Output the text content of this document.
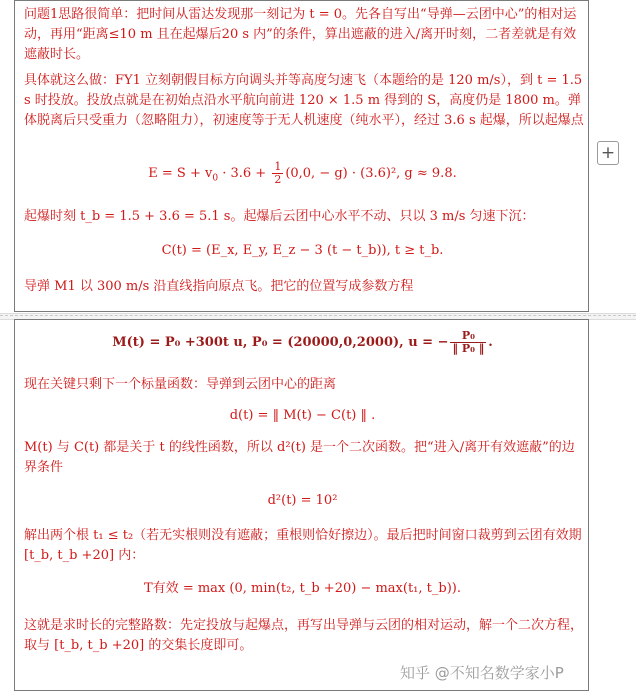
问题1思路很简单：把时间从雷达发现那一刻记为 t = 0。先各自写出“导弹—云团中心”的相对运动，再用“距离≤10 m 且在起爆后20 s 内”的条件，算出遮蔽的进入/离开时刻，二者差就是有效遮蔽时长。

具体就这么做：FY1 立刻朝假目标方向调头并等高度匀速飞（本题给的是 120 m/s），到 t = 1.5 s 时投放。投放点就是在初始点沿水平航向前进 120 × 1.5 m 得到的 S，高度仍是 1800 m。弹体脱离后只受重力（忽略阻力），初速度等于无人机速度（纯水平），经过 3.6 s 起爆，所以起爆点

$E = S + v_0 \cdot 3.6 + \frac{1}{2} (0,0$, − g) · (3.6)², g ≈ 9.8.

起爆时刻 t_b = 1.5 + 3.6 = 5.1 s。起爆后云团中心水平不动、只以 3 m/s 匀速下沉：

C(t) = (E_x, E_y, E_z − 3 (t − t_b)), t ≥ t_b.

导弹 M1 以 300 m/s 沿直线指向原点飞。把它的位置写成参数方程

M(t) = P₀ +300t u, P₀ = (20000,0,2000), u = − $\frac{\text{P₀}}{\text{‖ P₀ ‖}}$ .

现在关键只剩下一个标量函数：导弹到云团中心的距离

d(t) = ‖ M(t) − C(t) ‖ .

M(t) 与 C(t) 都是关于 t 的线性函数，所以 d²(t) 是一个二次函数。把“进入/离开有效遮蔽”的边界条件

d²(t) = 10²

解出两个根 t₁ ≤ t₂（若无实根则没有遮蔽；重根则恰好擦边）。最后把时间窗口裁剪到云团有效期 [t_b, t_b +20] 内：

T有效 = max (0, min(t₂, t_b +20) − max(t₁, t_b)).

这就是求时长的完整路数：先定投放与起爆点，再写出导弹与云团的相对运动，解一个二次方程，取与 [t_b, t_b +20] 的交集长度即可。

+
知乎 @不知名数学家小P
